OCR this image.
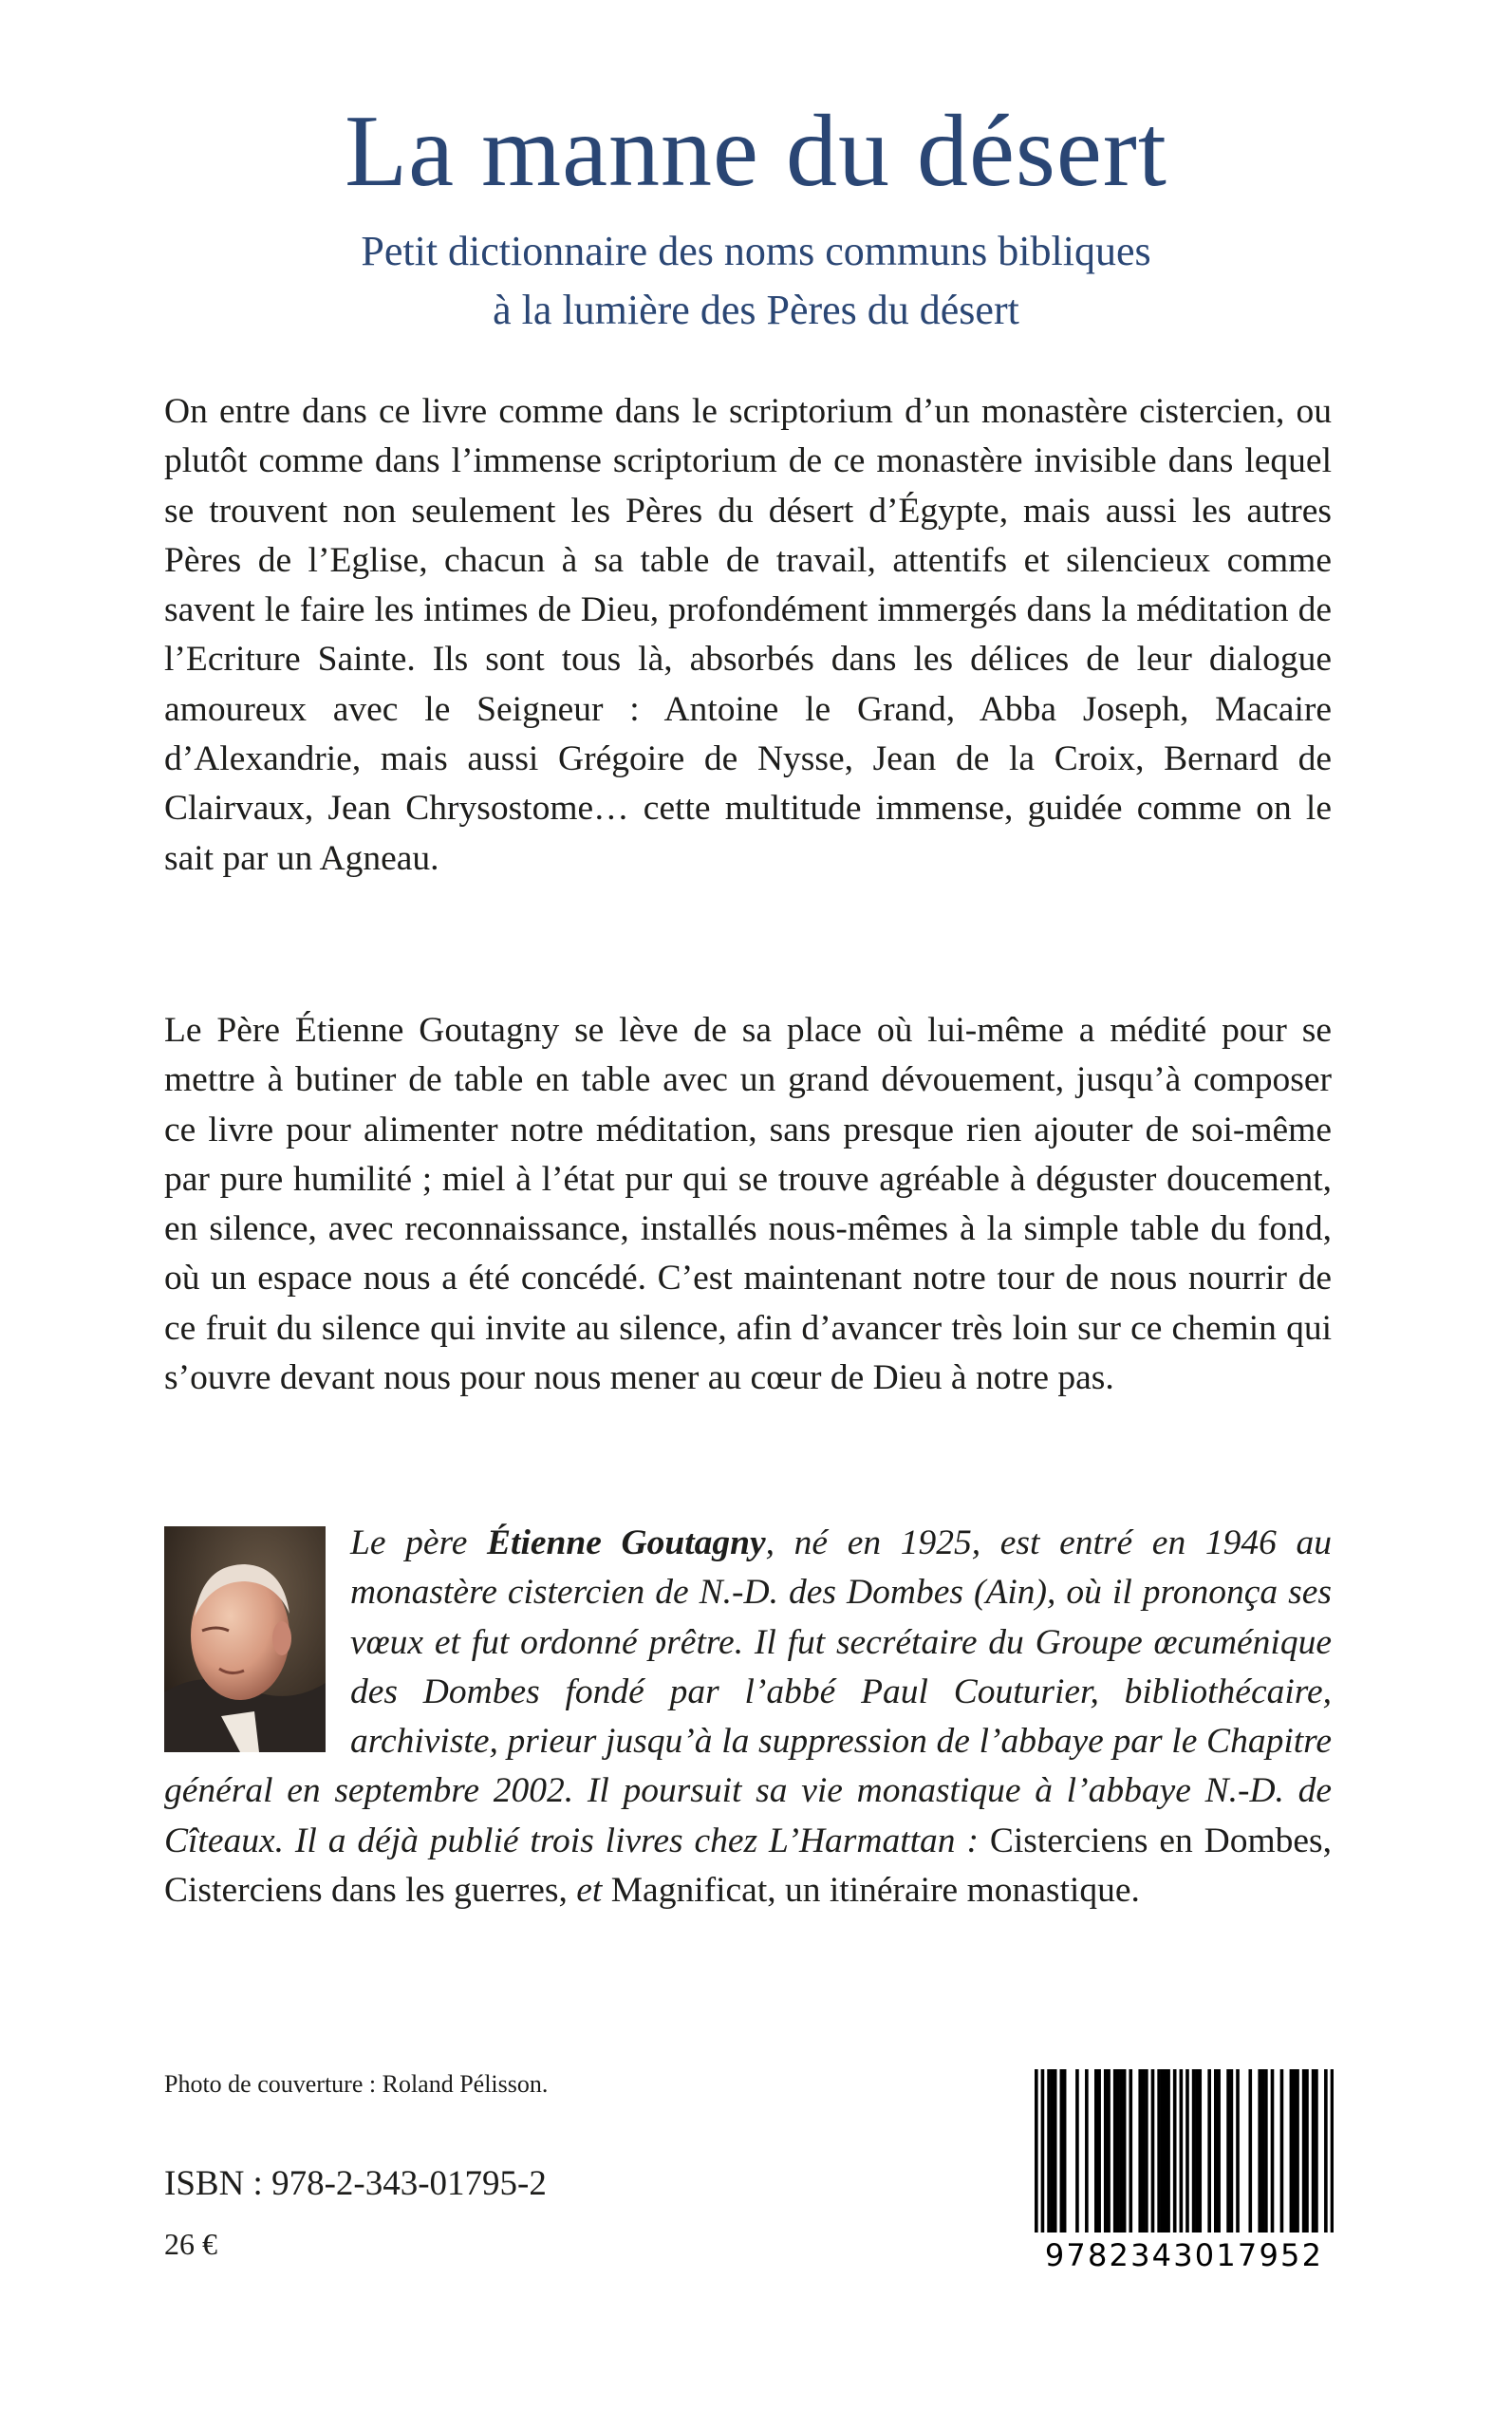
La manne du désert
Petit dictionnaire des noms communs bibliques
à la lumière des Pères du désert
On entre dans ce livre comme dans le scriptorium d’un monastère cistercien, ou plutôt comme dans l’immense scriptorium de ce monastère invisible dans lequel se trouvent non seulement les Pères du désert d’Égypte, mais aussi les autres Pères de l’Eglise, chacun à sa table de travail, attentifs et silencieux comme savent le faire les intimes de Dieu, profondément immergés dans la méditation de l’Ecriture Sainte. Ils sont tous là, absorbés dans les délices de leur dialogue amoureux avec le Seigneur : Antoine le Grand, Abba Joseph, Macaire d’Alexandrie, mais aussi Grégoire de Nysse, Jean de la Croix, Bernard de Clairvaux, Jean Chrysostome… cette multitude immense, guidée comme on le sait par un Agneau.
Le Père Étienne Goutagny se lève de sa place où lui-même a médité pour se mettre à butiner de table en table avec un grand dévouement, jusqu’à composer ce livre pour alimenter notre méditation, sans presque rien ajouter de soi-même par pure humilité ; miel à l’état pur qui se trouve agréable à déguster doucement, en silence, avec reconnaissance, installés nous-mêmes à la simple table du fond, où un espace nous a été concédé. C’est maintenant notre tour de nous nourrir de ce fruit du silence qui invite au silence, afin d’avancer très loin sur ce chemin qui s’ouvre devant nous pour nous mener au cœur de Dieu à notre pas.
Le père Étienne Goutagny, né en 1925, est entré en 1946 au monastère cistercien de N.-D. des Dombes (Ain), où il prononça ses vœux et fut ordonné prêtre. Il fut secrétaire du Groupe œcuménique des Dombes fondé par l’abbé Paul Couturier, bibliothécaire, archiviste, prieur jusqu’à la suppression de l’abbaye par le Chapitre général en septembre 2002. Il poursuit sa vie monastique à l’abbaye N.-D. de Cîteaux. Il a déjà publié trois livres chez L’Harmattan : Cisterciens en Dombes, Cisterciens dans les guerres, et Magnificat, un itinéraire monastique.
Photo de couverture : Roland Pélisson.
ISBN : 978-2-343-01795-2
26 €	9782343017952
